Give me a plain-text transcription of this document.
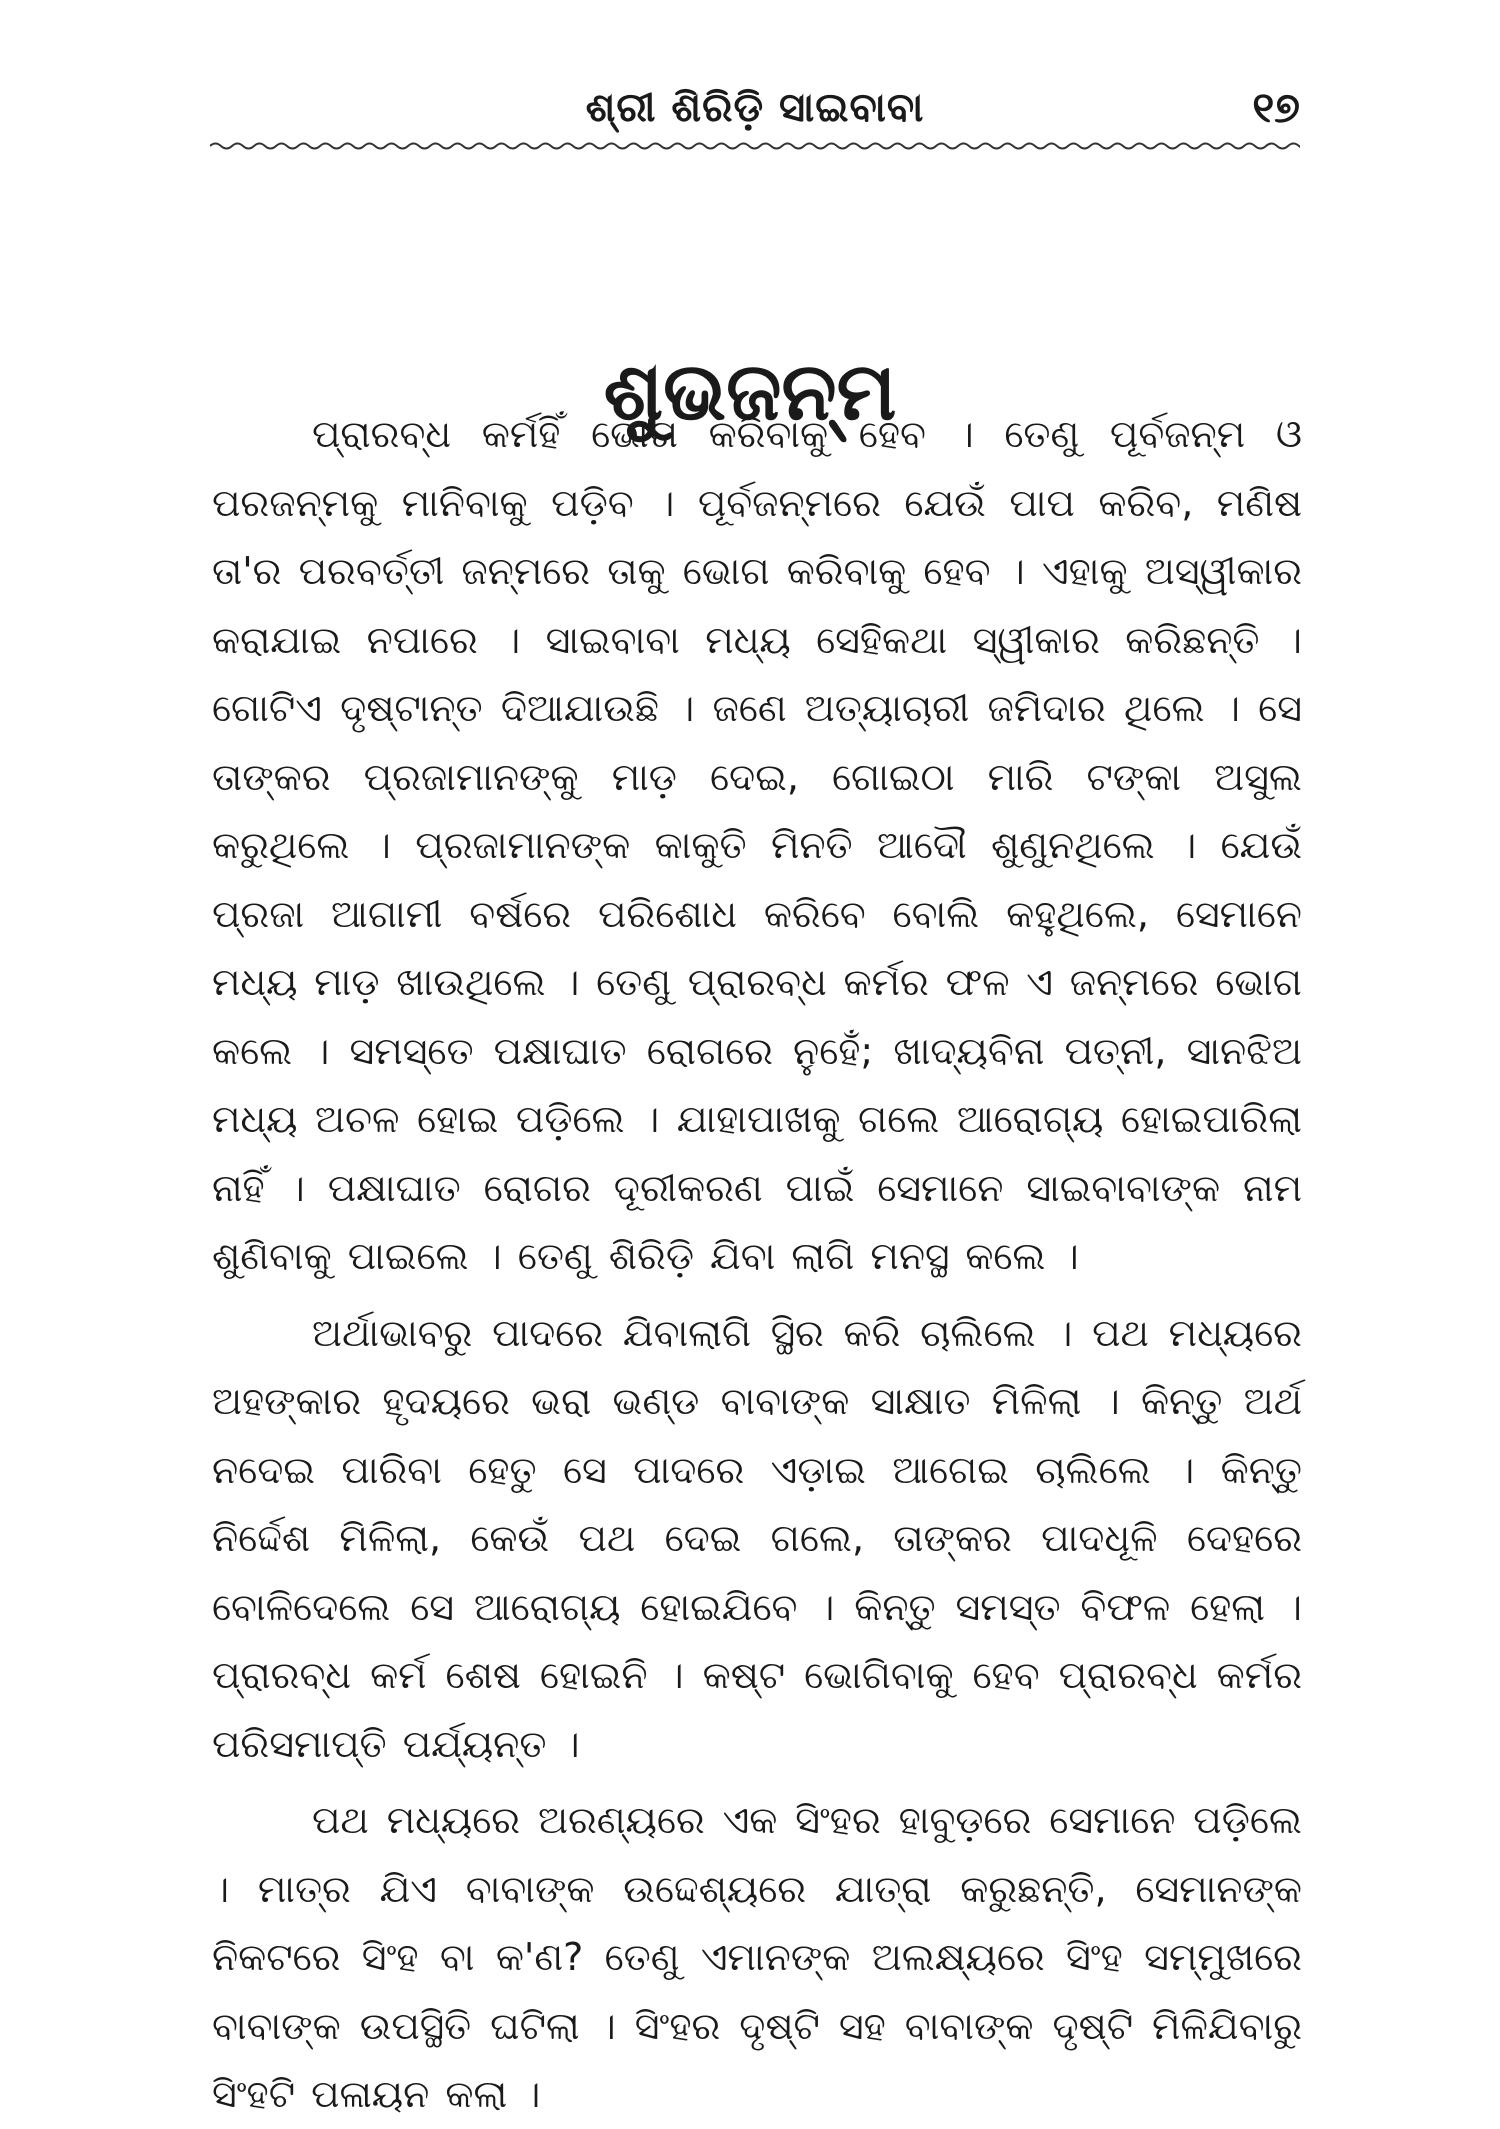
ଶ୍ରୀ ଶିରିଡ଼ି ସାଇବାବା	୧୭
ଶୁଭଜନ୍ମ

ପ୍ରାରବ୍ଧ କର୍ମହିଁ ଭୋଗ କରିବାକୁ ହେବ । ତେଣୁ ପୂର୍ବଜନ୍ମ ଓ ପରଜନ୍ମକୁ ମାନିବାକୁ ପଡ଼ିବ । ପୂର୍ବଜନ୍ମରେ ଯେଉଁ ପାପ କରିବ, ମଣିଷ ତା'ର ପରବର୍ତ୍ତୀ ଜନ୍ମରେ ତାକୁ ଭୋଗ କରିବାକୁ ହେବ । ଏହାକୁ ଅସ୍ୱୀକାର କରାଯାଇ ନପାରେ । ସାଇବାବା ମଧ୍ୟ ସେହିକଥା ସ୍ୱୀକାର କରିଛନ୍ତି । ଗୋଟିଏ ଦୃଷ୍ଟାନ୍ତ ଦିଆଯାଉଛି । ଜଣେ ଅତ୍ୟାଚାରୀ ଜମିଦାର ଥିଲେ । ସେ ତାଙ୍କର ପ୍ରଜାମାନଙ୍କୁ ମାଡ଼ ଦେଇ, ଗୋଇଠା ମାରି ଟଙ୍କା ଅସୁଲ କରୁଥିଲେ । ପ୍ରଜାମାନଙ୍କ କାକୁତି ମିନତି ଆଦୌ ଶୁଣୁନଥିଲେ । ଯେଉଁ ପ୍ରଜା ଆଗାମୀ ବର୍ଷରେ ପରିଶୋଧ କରିବେ ବୋଲି କହୁଥିଲେ, ସେମାନେ ମଧ୍ୟ ମାଡ଼ ଖାଉଥିଲେ । ତେଣୁ ପ୍ରାରବ୍ଧ କର୍ମର ଫଳ ଏ ଜନ୍ମରେ ଭୋଗ କଲେ । ସମସ୍ତେ ପକ୍ଷାଘାତ ରୋଗରେ ନୁହେଁ; ଖାଦ୍ୟବିନା ପତ୍ନୀ, ସାନଝିଅ ମଧ୍ୟ ଅଚଳ ହୋଇ ପଡ଼ିଲେ । ଯାହାପାଖକୁ ଗଲେ ଆରୋଗ୍ୟ ହୋଇପାରିଲା ନାହିଁ । ପକ୍ଷାଘାତ ରୋଗର ଦୂରୀକରଣ ପାଇଁ ସେମାନେ ସାଇବାବାଙ୍କ ନାମ ଶୁଣିବାକୁ ପାଇଲେ । ତେଣୁ ଶିରିଡ଼ି ଯିବା ଲାଗି ମନସ୍ଥ କଲେ ।

ଅର୍ଥାଭାବରୁ ପାଦରେ ଯିବାଲାଗି ସ୍ଥିର କରି ଚାଲିଲେ । ପଥ ମଧ୍ୟରେ ଅହଙ୍କାର ହୃଦୟରେ ଭରା ଭଣ୍ଡ ବାବାଙ୍କ ସାକ୍ଷାତ ମିଳିଲା । କିନ୍ତୁ ଅର୍ଥ ନଦେଇ ପାରିବା ହେତୁ ସେ ପାଦରେ ଏଡ଼ାଇ ଆଗେଇ ଚାଲିଲେ । କିନ୍ତୁ ନିର୍ଦ୍ଦେଶ ମିଳିଲା, କେଉଁ ପଥ ଦେଇ ଗଲେ, ତାଙ୍କର ପାଦଧୂଳି ଦେହରେ ବୋଳିଦେଲେ ସେ ଆରୋଗ୍ୟ ହୋଇଯିବେ । କିନ୍ତୁ ସମସ୍ତ ବିଫଳ ହେଲା । ପ୍ରାରବ୍ଧ କର୍ମ ଶେଷ ହୋଇନି । କଷ୍ଟ ଭୋଗିବାକୁ ହେବ ପ୍ରାରବ୍ଧ କର୍ମର ପରିସମାପ୍ତି ପର୍ଯ୍ୟନ୍ତ ।

ପଥ ମଧ୍ୟରେ ଅରଣ୍ୟରେ ଏକ ସିଂହର ହାବୁଡ଼ରେ ସେମାନେ ପଡ଼ିଲେ । ମାତ୍ର ଯିଏ ବାବାଙ୍କ ଉଦ୍ଦେଶ୍ୟରେ ଯାତ୍ରା କରୁଛନ୍ତି, ସେମାନଙ୍କ ନିକଟରେ ସିଂହ ବା କ'ଣ? ତେଣୁ ଏମାନଙ୍କ ଅଲକ୍ଷ୍ୟରେ ସିଂହ ସମ୍ମୁଖରେ ବାବାଙ୍କ ଉପସ୍ଥିତି ଘଟିଲା । ସିଂହର ଦୃଷ୍ଟି ସହ ବାବାଙ୍କ ଦୃଷ୍ଟି ମିଳିଯିବାରୁ ସିଂହଟି ପଳାୟନ କଲା ।
